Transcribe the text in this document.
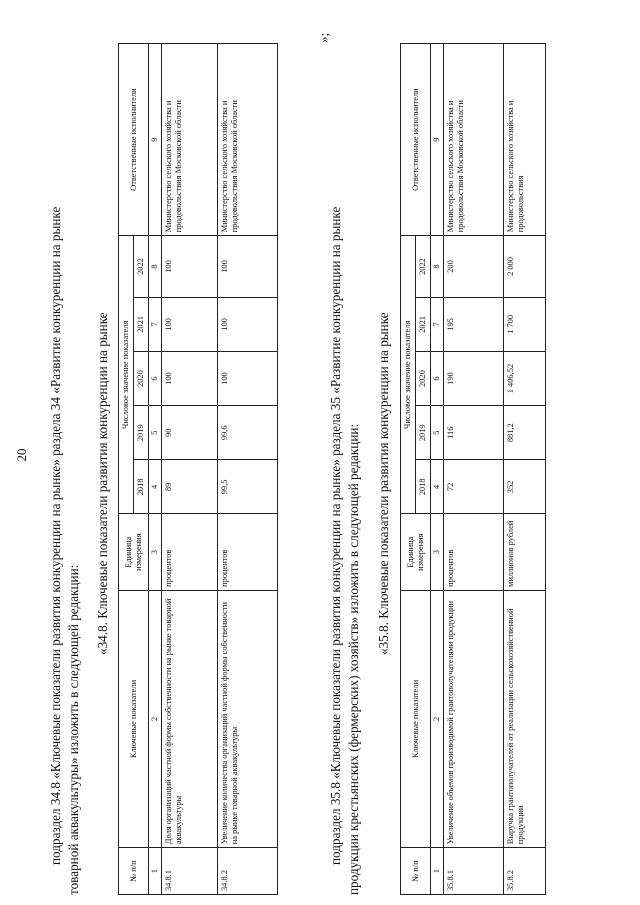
20 подраздел 34.8 «Ключевые показатели развития конкуренции на рынке» раздела 34 «Развитие конкуренции на рынке товарной аквакультуры» изложить в следующей редакции:
«34.8. Ключевые показатели развития конкуренции на рынке
№ п/п	Ключевые показатели	Единица измерения	Числовое значение показателя					Ответственные исполнители
			2018	2019	2020	2021	2022	
1	2	3	4	5	6	7	8	9
34.8.1	Доля организаций частной формы собственности на рынке товарной аквакультуры	процентов	89	90	100	100	100	Министерство сельского хозяйства и продовольствия Московской области
34.8.2	Увеличение количества организаций частной формы собственности на рынке товарной аквакультуры	процентов	99,5	99,6	100	100	100	Министерство сельского хозяйства и продовольствия Московской области
»;
подраздел 35.8 «Ключевые показатели развития конкуренции на рынке» раздела 35 «Развитие конкуренции на рынке продукции крестьянских (фермерских) хозяйств» изложить в следующей редакции: «35.8. Ключевые показатели развития конкуренции на рынке
№ п/п	Ключевые показатели	Единица измерения	Числовое значение показателя					Ответственные исполнители
			2018	2019	2020	2021	2022	
1	2	3	4	5	6	7	8	9
35.8.1	Увеличение объемов производимой грантополучателями продукции	процентов	72	116	190	195	200	Министерство сельского хозяйства и продовольствия Московской области
35.8.2	Выручка грантополучателей от реализации сельскохозяйственной продукции	миллионов рублей	352	881,2	1 406,52	1 700	2 000	Министерство сельского хозяйства и продовольствия
